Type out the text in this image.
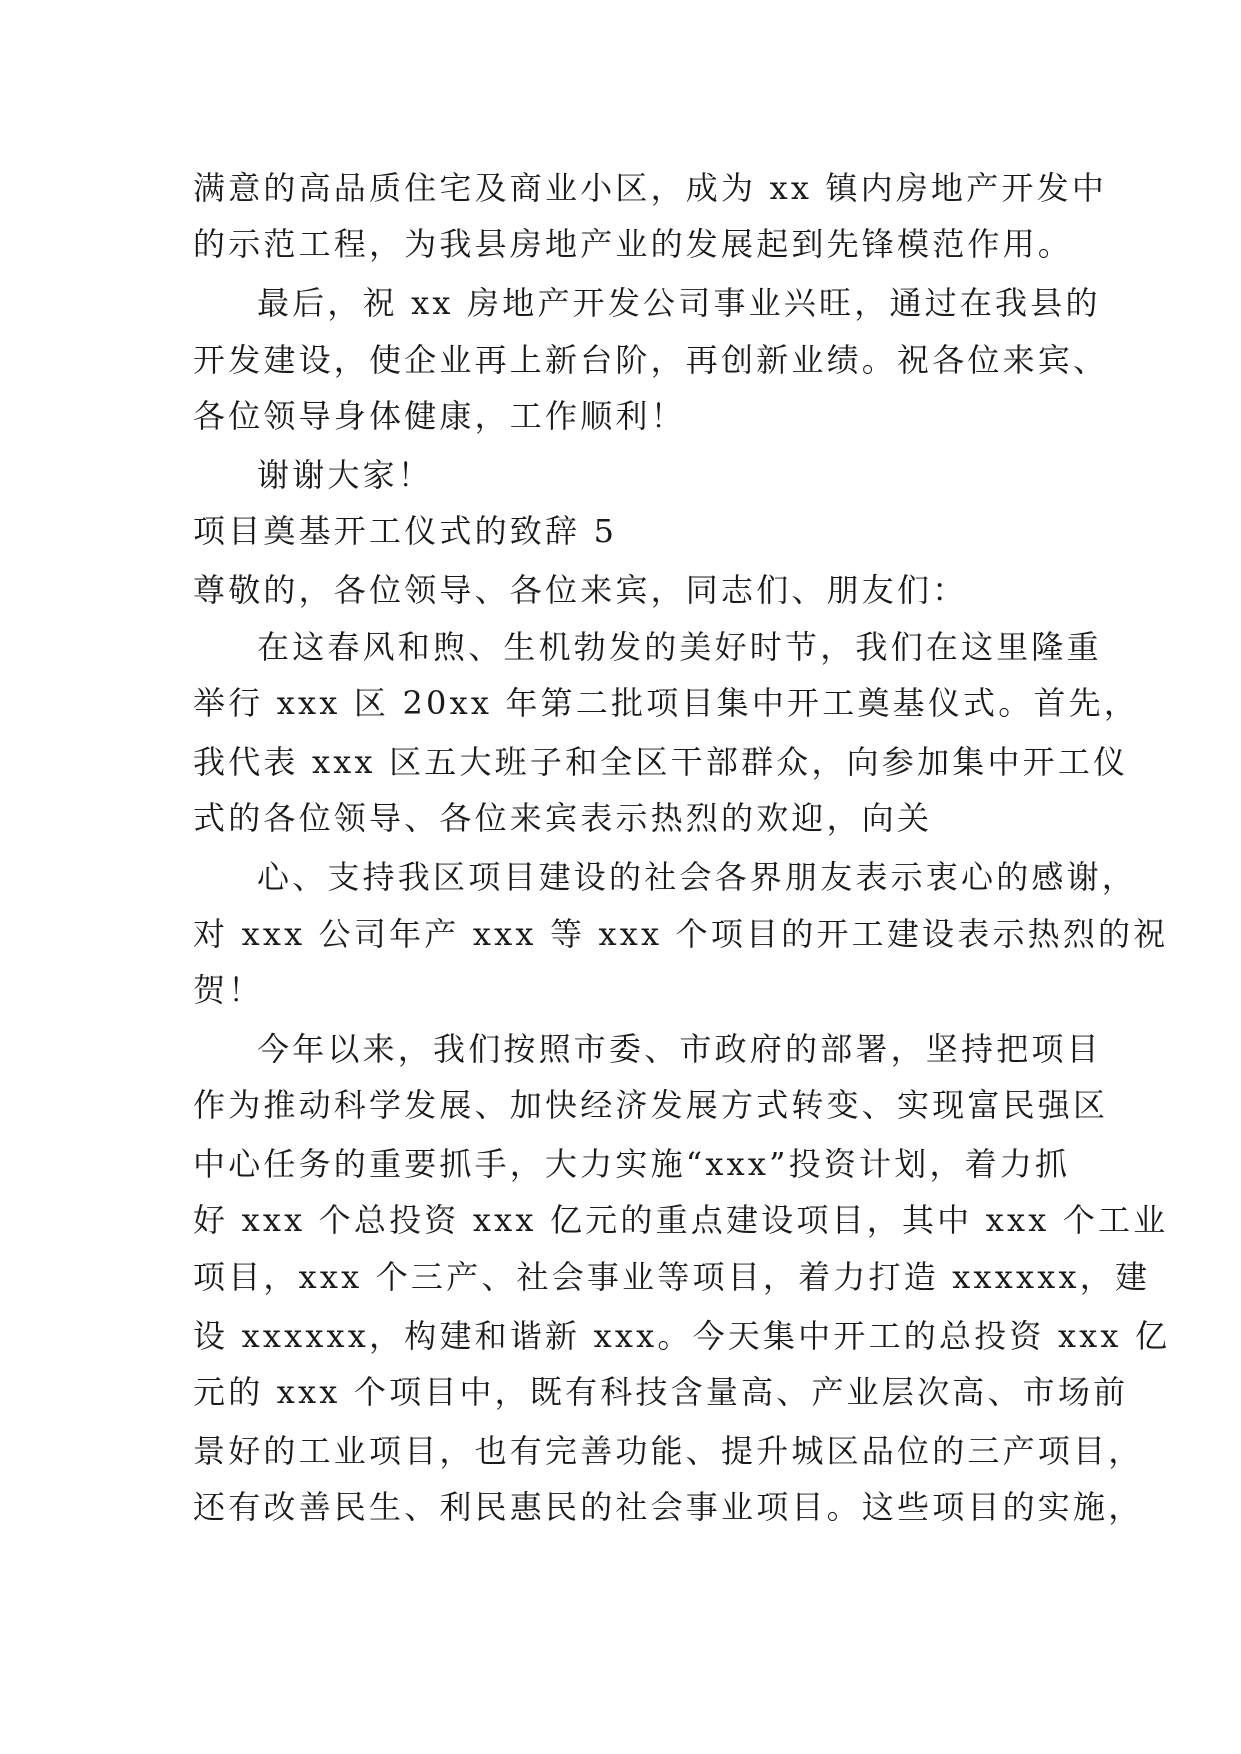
满意的高品质住宅及商业小区，成为 xx 镇内房地产开发中
的示范工程，为我县房地产业的发展起到先锋模范作用。
最后，祝 xx 房地产开发公司事业兴旺，通过在我县的
开发建设，使企业再上新台阶，再创新业绩。祝各位来宾、
各位领导身体健康，工作顺利！
谢谢大家！
项目奠基开工仪式的致辞 5
尊敬的，各位领导、各位来宾，同志们、朋友们：
在这春风和煦、生机勃发的美好时节，我们在这里隆重
举行 xxx 区 20xx 年第二批项目集中开工奠基仪式。首先，
我代表 xxx 区五大班子和全区干部群众，向参加集中开工仪
式的各位领导、各位来宾表示热烈的欢迎，向关
心、支持我区项目建设的社会各界朋友表示衷心的感谢，
对 xxx 公司年产 xxx 等 xxx 个项目的开工建设表示热烈的祝
贺！
今年以来，我们按照市委、市政府的部署，坚持把项目
作为推动科学发展、加快经济发展方式转变、实现富民强区
中心任务的重要抓手，大力实施“xxx”投资计划，着力抓
好 xxx 个总投资 xxx 亿元的重点建设项目，其中 xxx 个工业
项目，xxx 个三产、社会事业等项目，着力打造 xxxxxx，建
设 xxxxxx，构建和谐新 xxx。今天集中开工的总投资 xxx 亿
元的 xxx 个项目中，既有科技含量高、产业层次高、市场前
景好的工业项目，也有完善功能、提升城区品位的三产项目，
还有改善民生、利民惠民的社会事业项目。这些项目的实施，
